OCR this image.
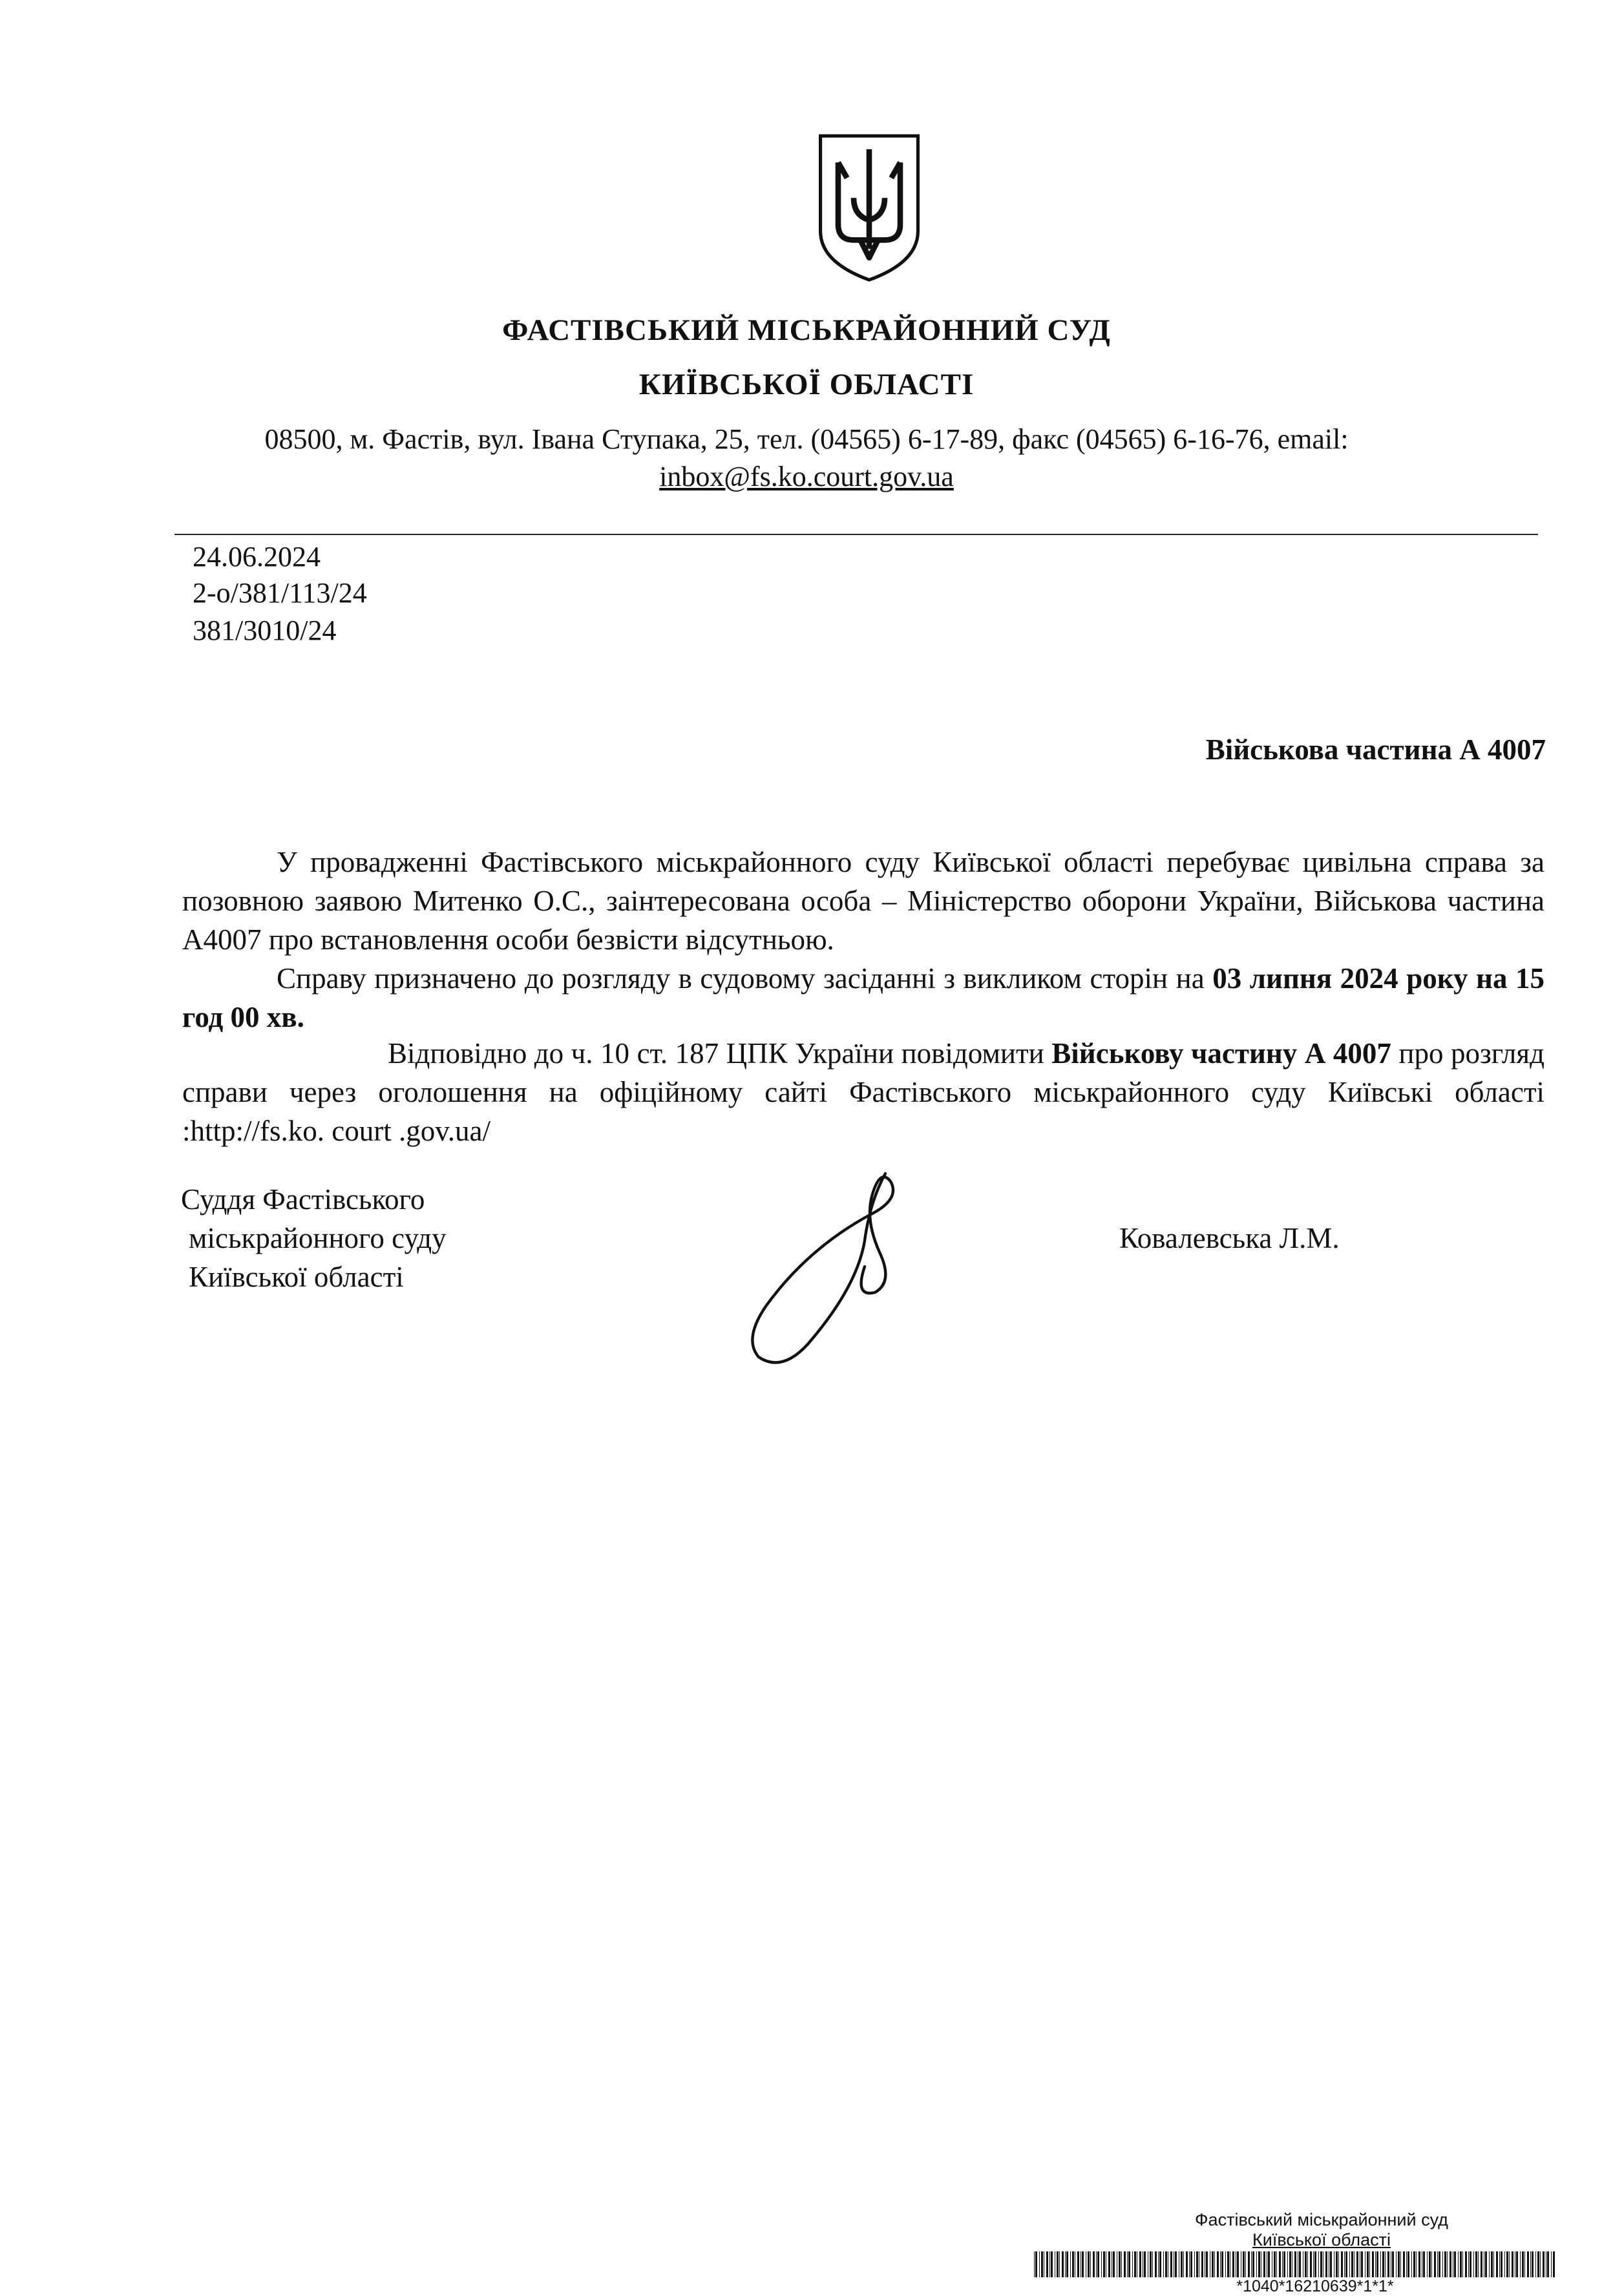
ФАСТІВСЬКИЙ МІСЬКРАЙОННИЙ СУД
КИЇВСЬКОЇ ОБЛАСТІ
08500, м. Фастів, вул. Івана Ступака, 25, тел. (04565) 6-17-89, факс (04565) 6-16-76, email:
inbox@fs.ko.court.gov.ua
24.06.2024
2-о/381/113/24
381/3010/24
Військова частина А 4007
У провадженні Фастівського міськрайонного суду Київської області перебуває цивільна справа за позовною заявою Митенко О.С., заінтересована особа – Міністерство оборони України, Військова частина А4007 про встановлення особи безвісти відсутньою.
Справу призначено до розгляду в судовому засіданні з викликом сторін на 03 липня 2024 року на 15 год 00 хв.
Відповідно до ч. 10 ст. 187 ЦПК України повідомити Військову частину А 4007 про розгляд справи через оголошення на офіційному сайті Фастівського міськрайонного суду Київські області :http://fs.ko. court .gov.ua/
Суддя Фастівського
міськрайонного суду
Київської області
Ковалевська Л.М.
Фастівський міськрайонний суд
Київської області
*1040*16210639*1*1*
